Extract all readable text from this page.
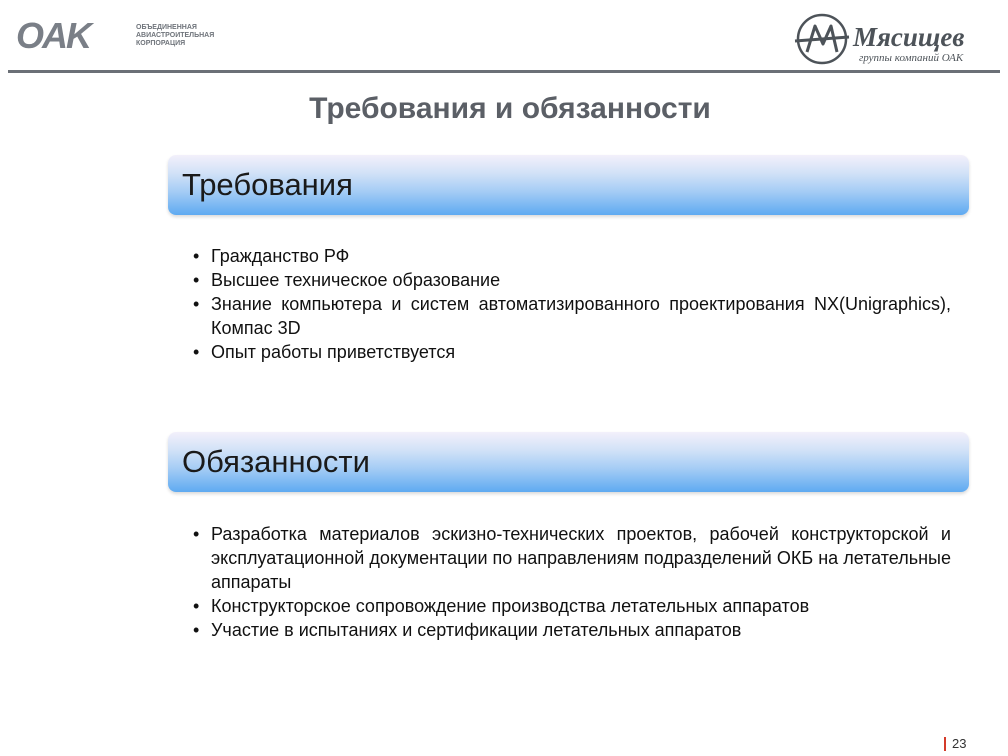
OAK	ОБЪЕДИНЕННАЯ
АВИАСТРОИТЕЛЬНАЯ
КОРПОРАЦИЯ	Мясищев
группы компаний ОАК
Требования и обязанности
Требования
• Гражданство РФ
• Высшее техническое образование
• Знание компьютера и систем автоматизированного проектирования NX(Unigraphics), Компас 3D
• Опыт работы приветствуется
Обязанности
• Разработка материалов эскизно-технических проектов, рабочей конструкторской и эксплуатационной документации по направлениям подразделений ОКБ на летательные аппараты
• Конструкторское сопровождение производства летательных аппаратов
• Участие в испытаниях и сертификации летательных аппаратов
23
